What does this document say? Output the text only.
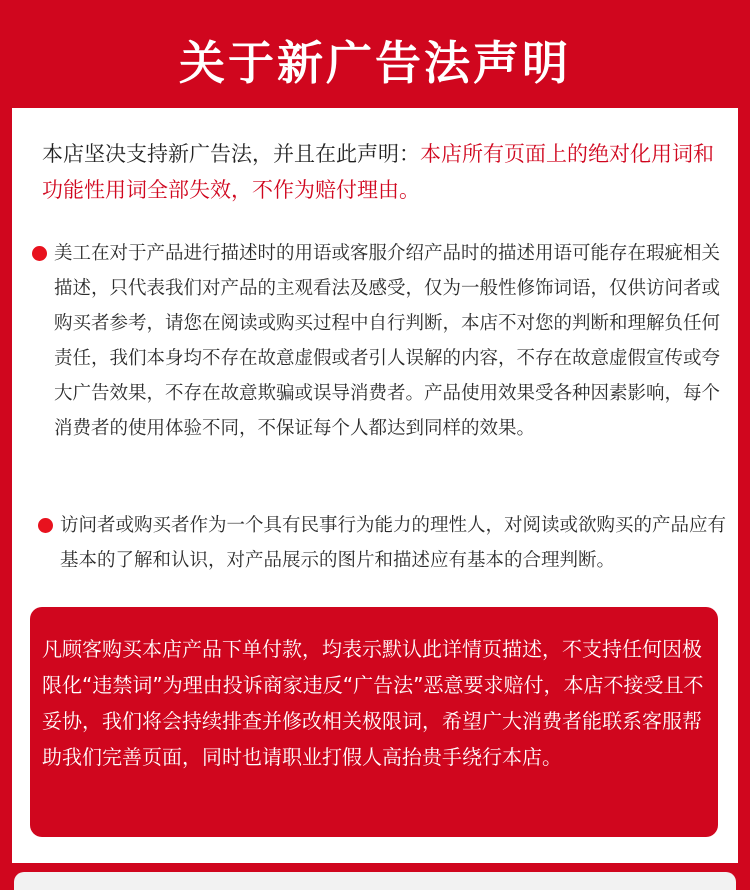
关于新广告法声明
本店坚决支持新广告法，并且在此声明：本店所有页面上的绝对化用词和功能性用词全部失效，不作为赔付理由。
美工在对于产品进行描述时的用语或客服介绍产品时的描述用语可能存在瑕疵相关描述，只代表我们对产品的主观看法及感受，仅为一般性修饰词语，仅供访问者或购买者参考，请您在阅读或购买过程中自行判断，本店不对您的判断和理解负任何责任，我们本身均不存在故意虚假或者引人误解的内容，不存在故意虚假宣传或夸大广告效果，不存在故意欺骗或误导消费者。产品使用效果受各种因素影响，每个消费者的使用体验不同，不保证每个人都达到同样的效果。
访问者或购买者作为一个具有民事行为能力的理性人，对阅读或欲购买的产品应有基本的了解和认识，对产品展示的图片和描述应有基本的合理判断。

凡顾客购买本店产品下单付款，均表示默认此详情页描述，不支持任何因极限化“违禁词”为理由投诉商家违反“广告法”恶意要求赔付，本店不接受且不妥协，我们将会持续排查并修改相关极限词，希望广大消费者能联系客服帮助我们完善页面，同时也请职业打假人高抬贵手绕行本店。
